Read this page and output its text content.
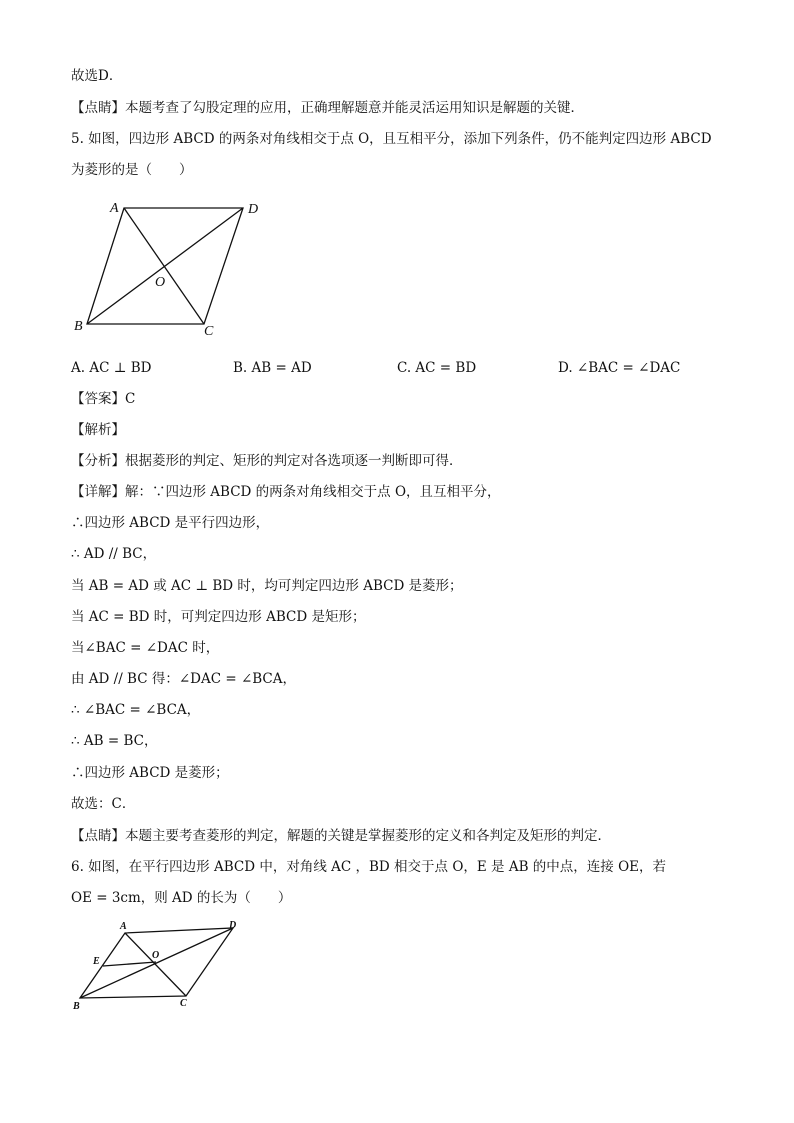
故选D．
【点睛】本题考查了勾股定理的应用，正确理解题意并能灵活运用知识是解题的关键．
5. 如图，四边形 ABCD 的两条对角线相交于点 O，且互相平分，添加下列条件，仍不能判定四边形 ABCD
为菱形的是（　　）
A	D
O
B	C
A	D
E
O
B	C
A. AC ⊥ BD	B. AB = AD	C. AC = BD	D. ∠BAC = ∠DAC
【答案】C
【解析】
【分析】根据菱形的判定、矩形的判定对各选项逐一判断即可得．
【详解】解：∵四边形 ABCD 的两条对角线相交于点 O，且互相平分，
∴四边形 ABCD 是平行四边形，
∴ AD // BC，
当 AB = AD 或 AC ⊥ BD 时，均可判定四边形 ABCD 是菱形；
当 AC = BD 时，可判定四边形 ABCD 是矩形；
当∠BAC = ∠DAC 时，
由 AD // BC 得：∠DAC = ∠BCA，
∴ ∠BAC = ∠BCA，
∴ AB = BC，
∴四边形 ABCD 是菱形；
故选：C．
【点睛】本题主要考查菱形的判定，解题的关键是掌握菱形的定义和各判定及矩形的判定．
6. 如图，在平行四边形 ABCD 中，对角线 AC ，BD 相交于点 O，E 是 AB 的中点，连接 OE，若
OE = 3cm，则 AD 的长为（　　）
